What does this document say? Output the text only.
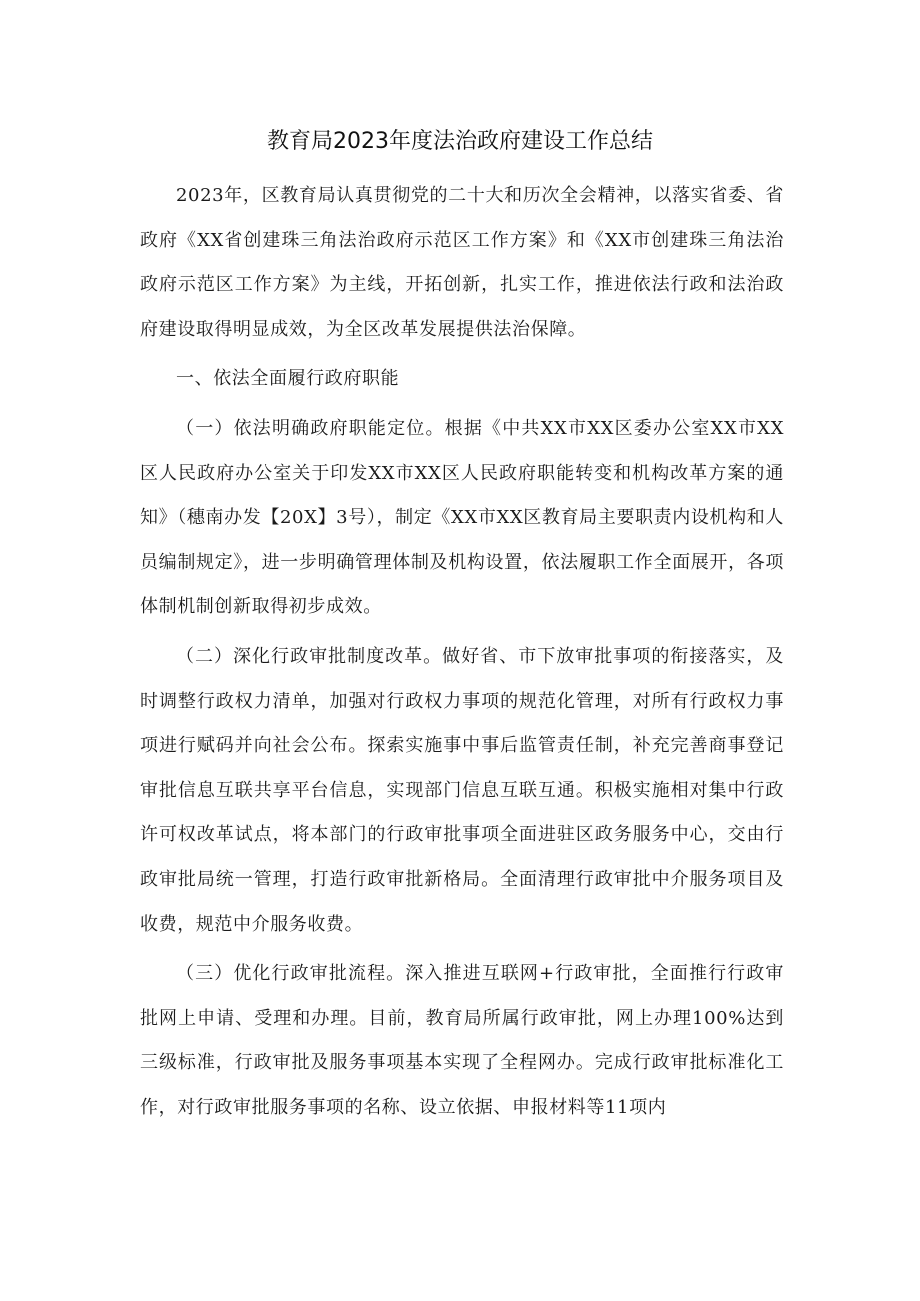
教育局2023年度法治政府建设工作总结

2023年，区教育局认真贯彻党的二十大和历次全会精神，以落实省委、省政府《XX省创建珠三角法治政府示范区工作方案》和《XX市创建珠三角法治政府示范区工作方案》为主线，开拓创新，扎实工作，推进依法行政和法治政府建设取得明显成效，为全区改革发展提供法治保障。

一、依法全面履行政府职能

（一）依法明确政府职能定位。根据《中共XX市XX区委办公室XX市XX区人民政府办公室关于印发XX市XX区人民政府职能转变和机构改革方案的通知》（穗南办发【20X】3号），制定《XX市XX区教育局主要职责内设机构和人员编制规定》，进一步明确管理体制及机构设置，依法履职工作全面展开，各项体制机制创新取得初步成效。

（二）深化行政审批制度改革。做好省、市下放审批事项的衔接落实，及时调整行政权力清单，加强对行政权力事项的规范化管理，对所有行政权力事项进行赋码并向社会公布。探索实施事中事后监管责任制，补充完善商事登记审批信息互联共享平台信息，实现部门信息互联互通。积极实施相对集中行政许可权改革试点，将本部门的行政审批事项全面进驻区政务服务中心，交由行政审批局统一管理，打造行政审批新格局。全面清理行政审批中介服务项目及收费，规范中介服务收费。

（三）优化行政审批流程。深入推进互联网+行政审批，全面推行行政审批网上申请、受理和办理。目前，教育局所属行政审批，网上办理100%达到三级标准，行政审批及服务事项基本实现了全程网办。完成行政审批标准化工作，对行政审批服务事项的名称、设立依据、申报材料等11项内
